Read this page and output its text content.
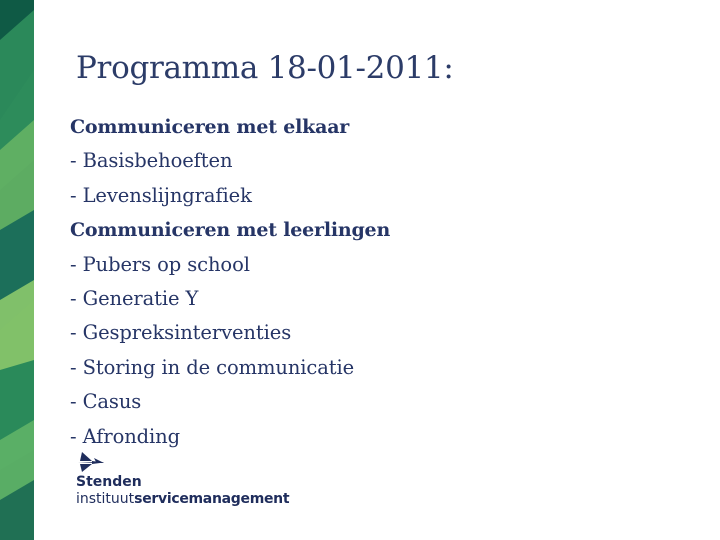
Programma 18-01-2011:
Communiceren met elkaar
- Basisbehoeften
- Levenslijngrafiek
Communiceren met leerlingen
- Pubers op school
- Generatie Y
- Gespreksinterventies
- Storing in de communicatie
- Casus
- Afronding
Stenden
instituutservicemanagement
